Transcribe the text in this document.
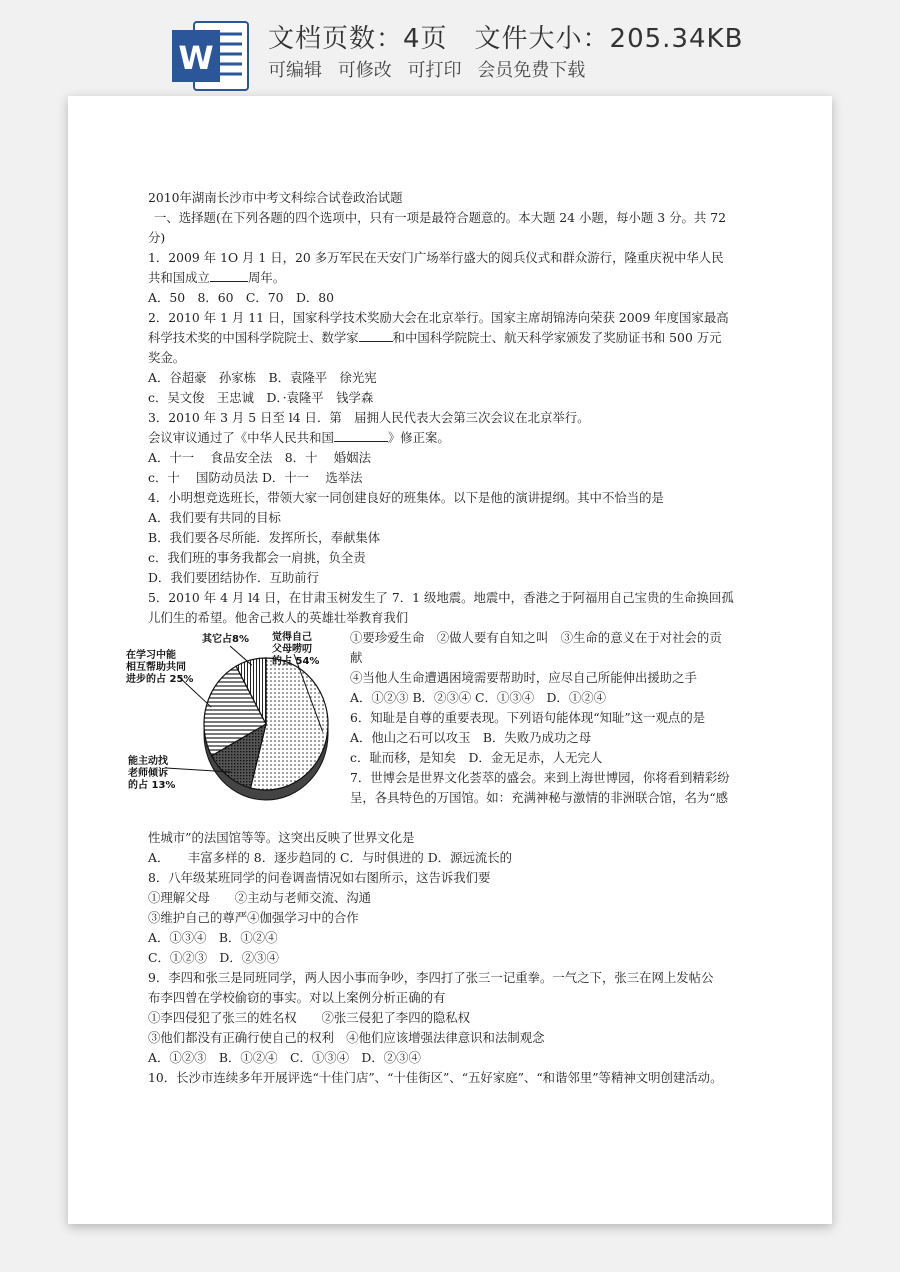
W 文档页数：4页　文件大小：205.34KB
可编辑 可修改 可打印 会员免费下载

2010年湖南长沙市中考文科综合试卷政治试题

一、选择题(在下列各题的四个选项中，只有一项是最符合题意的。本大题 24 小题，每小题 3 分。共 72

分)

1．2009 年 1O 月 1 日，20 多万军民在天安门广场举行盛大的阅兵仪式和群众游行，隆重庆祝中华人民

共和国成立	周年。

A．50　8．60　C．70　D．80

2．2010 年 1 月 11 日，国家科学技术奖励大会在北京举行。国家主席胡锦涛向荣获 2009 年度国家最高

科学技术奖的中国科学院院士、数学家	和中国科学院院士、航天科学家颁发了奖励证书和 500 万元

奖金。

A．谷超豪　孙家栋　B．袁隆平　徐光宪

c．吴文俊　王忠诚　D．·袁隆平　钱学森

3．2010 年 3 月 5 日至 l4 日．第　届拥人民代表大会第三次会议在北京举行。

会议审议通过了《中华人民共和国	》修正案。

A．十一　 食品安全法　8．十　 婚姻法

c．十　 国防动员法 D．十一　 选举法

4．小明想竞选班长，带领大家一同创建良好的班集体。以下是他的演讲提纲。其中不恰当的是

A．我们要有共同的目标

B．我们要各尽所能．发挥所长，奉献集体

c．我们班的事务我都会一肩挑，负全责

D．我们要团结协作．互助前行

5．2010 年 4 月 l4 日，在甘肃玉树发生了 7．1 级地震。地震中，香港之于阿福用自己宝贵的生命换回孤

儿们生的希望。他舍己救人的英雄壮举教育我们

觉得自己
父母唠叨
的占 54%
能主动找
老师倾诉
的占 13%
在学习中能
相互帮助共同
进步的占 25%
其它占8%	①要珍爱生命　②做人要有自知之叫　③生命的意义在于对社会的贡

献

④当他人生命遭遇困境需要帮助时，应尽自己所能伸出援助之手

A．①②③ B．②③④ C．①③④　D．①②④

6．知耻是自尊的重要表现。下列语句能体现“知耻”这一观点的是

A．他山之石可以攻玉　B．失败乃成功之母

c．耻而移，是知矣　D．金无足赤，人无完人

7．世博会是世界文化荟萃的盛会。来到上海世博园，你将看到精彩纷

呈，各具特色的万国馆。如：充满神秘与激情的非洲联合馆，名为“感

性城市”的法国馆等等。这突出反映了世界文化是

A．　　丰富多样的 8．逐步趋同的 C．与时俱进的 D．源远流长的

8．八年级某班同学的问卷调啬情况如右图所示，这告诉我们要

①理解父母　　②主动与老师交流、沟通

③维护自己的尊严④伽强学习中的合作

A．①③④　B．①②④

C．①②③　D．②③④

9．李四和张三是同班同学，两人因小事而争吵，李四打了张三一记重拳。一气之下，张三在网上发帖公

布李四曾在学校偷窃的事实。对以上案例分析正确的有

①李四侵犯了张三的姓名权　　②张三侵犯了李四的隐私权

③他们都没有正确行使自己的权利　④他们应该增强法律意识和法制观念

A．①②③　B．①②④　C．①③④　D．②③④

10．长沙市连续多年开展评选“十佳门店”、“十佳街区”、“五好家庭”、“和谐邻里”等精神文明创建活动。
